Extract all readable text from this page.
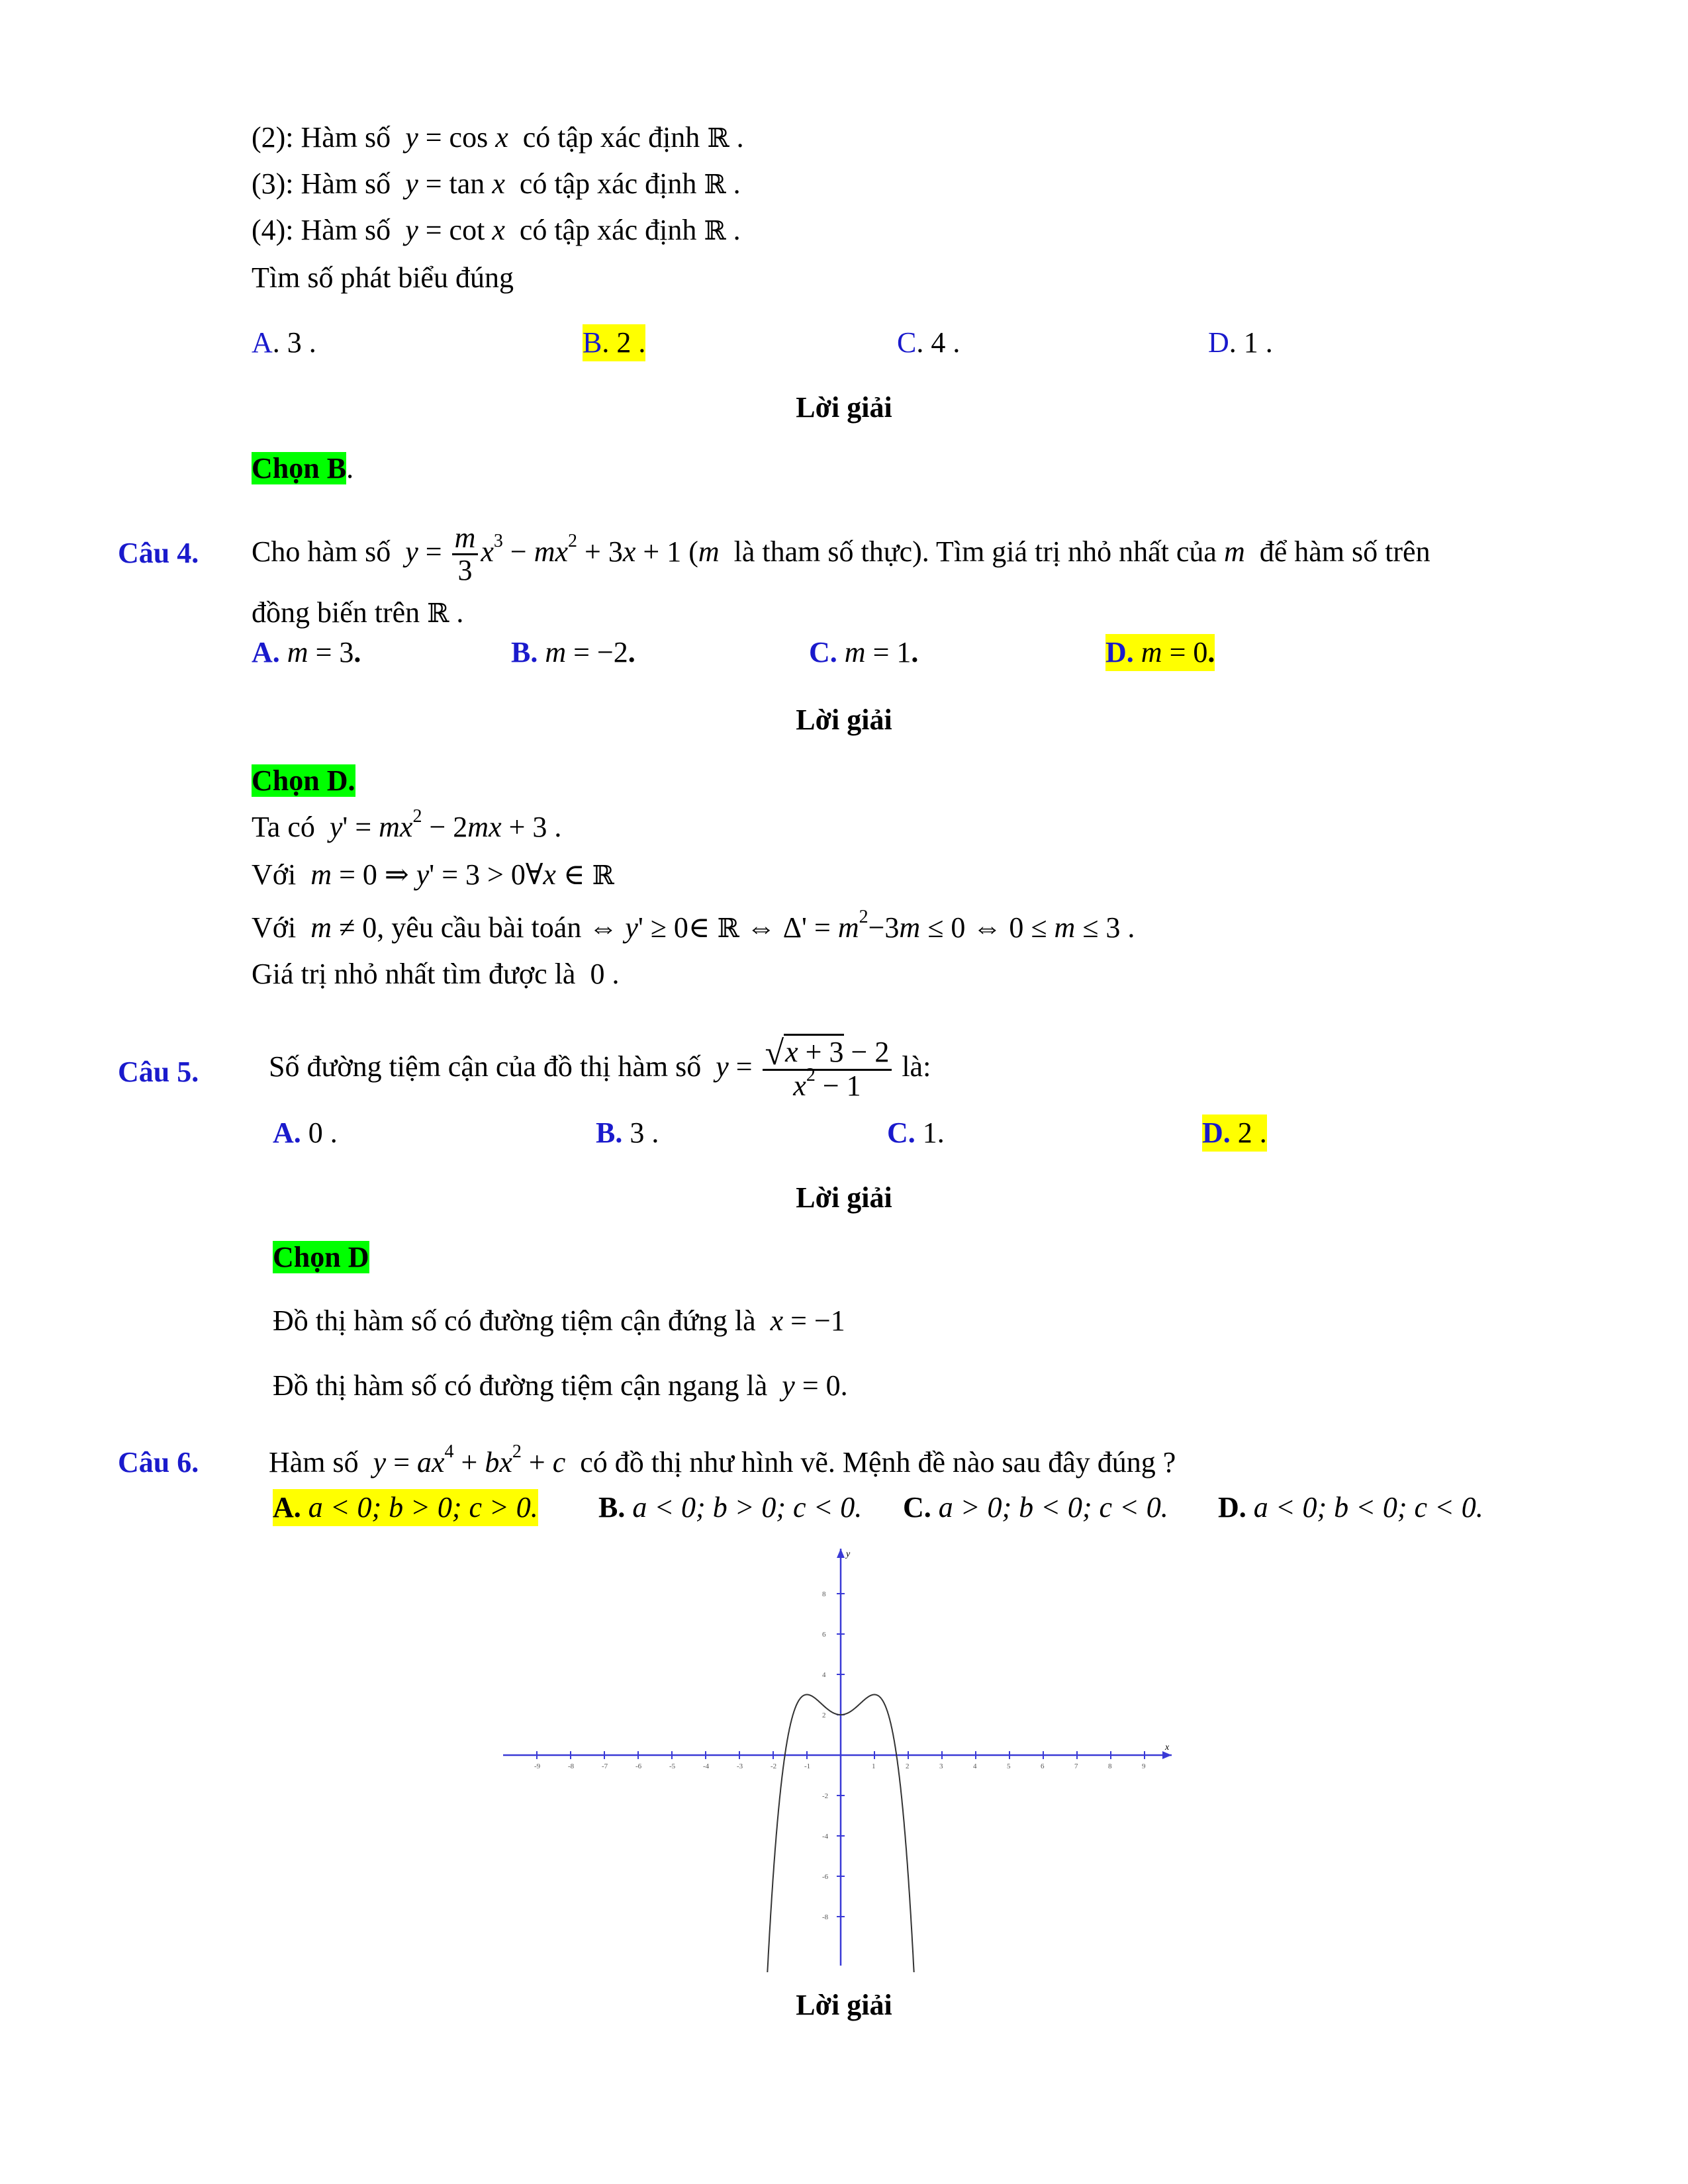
(2): Hàm số y = cos x có tập xác định ℝ .
(3): Hàm số y = tan x có tập xác định ℝ .
(4): Hàm số y = cot x có tập xác định ℝ .
Tìm số phát biểu đúng
A. 3 .	B. 2 .	C. 4 .	D. 1 .
Lời giải
Chọn B.
Câu 4. Cho hàm số $y = \frac{m}{3} x^3 - mx^2 + 3x + 1$ (m là tham số thực). Tìm giá trị nhỏ nhất của m để hàm số trên
đồng biến trên ℝ .
A. m = 3.	B. m = −2.	C. m = 1.	D. m = 0.
Lời giải
Chọn D.
Ta có $y' = mx^2 - 2mx + 3$ .
Với m = 0 ⇒ y' = 3 > 0∀x ∈ ℝ
Với m ≠ 0, yêu cầu bài toán ⇔ y' ≥ 0∈ ℝ ⇔ $\Delta' = m^2-3m \le 0$ ⇔ 0 ≤ m ≤ 3 .
Giá trị nhỏ nhất tìm được là  0 .
Câu 5. Số đường tiệm cận của đồ thị hàm số $y = \frac{√x + 3 - 2}{x^2 - 1}$ là:
A. 0 .	B. 3 .	C. 1.	D. 2 .
Lời giải
Chọn D
Đồ thị hàm số có đường tiệm cận đứng là x = −1
Đồ thị hàm số có đường tiệm cận ngang là y = 0.
Câu 6. Hàm số $y = ax^4 + bx^2 + c$ có đồ thị như hình vẽ. Mệnh đề nào sau đây đúng ?
A. a < 0; b > 0; c > 0. B. a < 0; b > 0; c < 0. C. a > 0; b < 0; c < 0. D. a < 0; b < 0; c < 0.
x
y
-9	-8	-7	-6	-5	-4	-3	-2	-1	1	2	3	4	5	6	7	8	9
8
6
4
2
-2
-4
-6
-8
Lời giải
